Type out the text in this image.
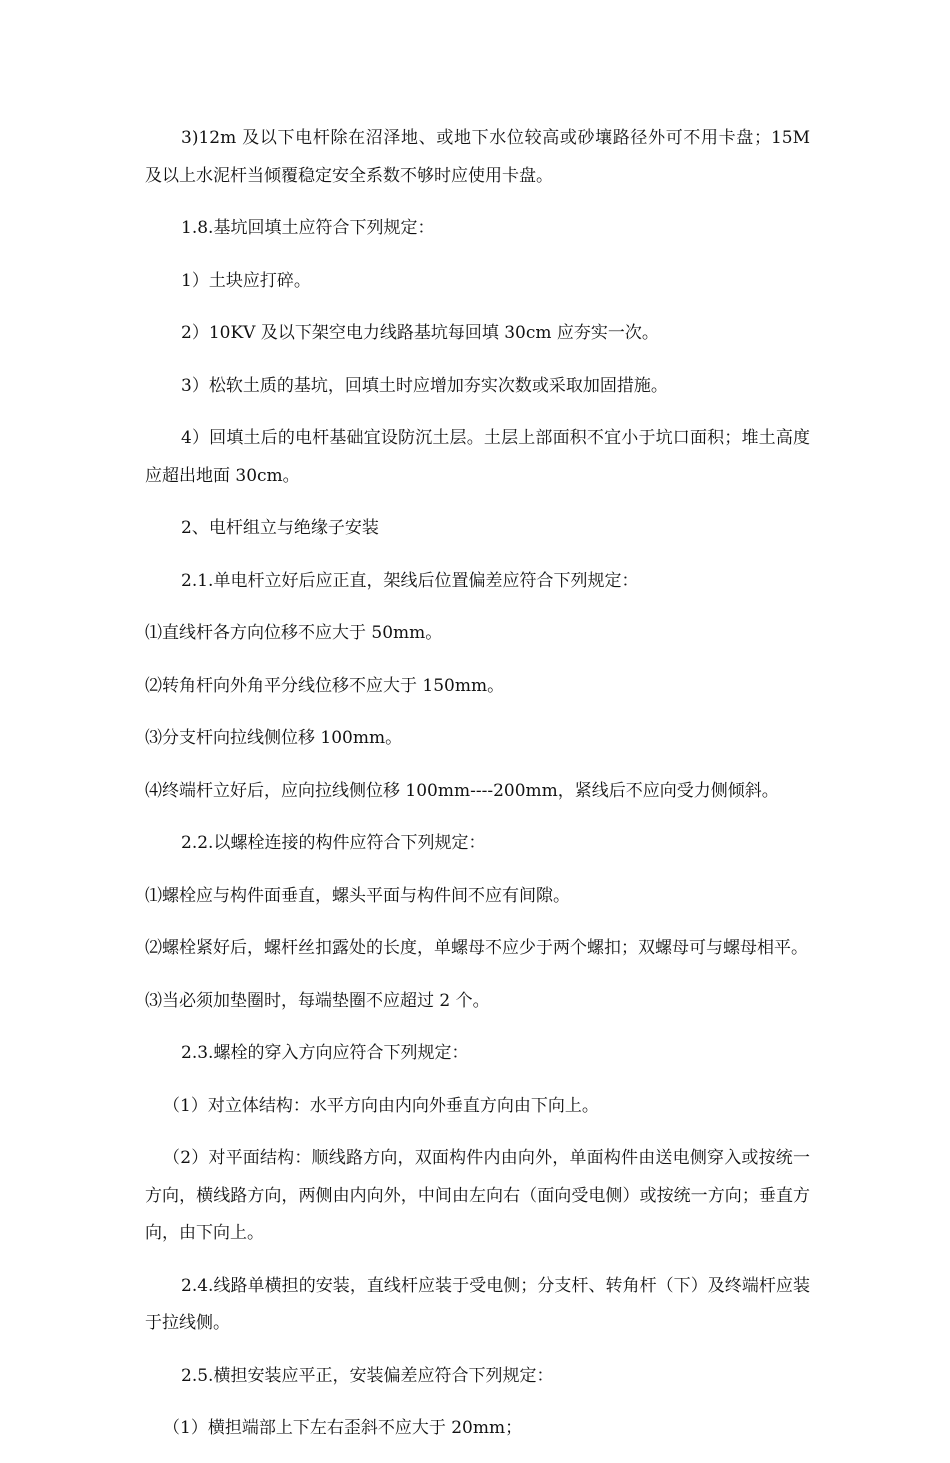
3)12m 及以下电杆除在沼泽地、或地下水位较高或砂壤路径外可不用卡盘；15M 及以上水泥杆当倾覆稳定安全系数不够时应使用卡盘。

1.8.基坑回填土应符合下列规定：

1）土块应打碎。

2）10KV 及以下架空电力线路基坑每回填 30cm 应夯实一次。

3）松软土质的基坑，回填土时应增加夯实次数或采取加固措施。

4）回填土后的电杆基础宜设防沉土层。土层上部面积不宜小于坑口面积；堆土高度应超出地面 30cm。

2、电杆组立与绝缘子安装

2.1.单电杆立好后应正直，架线后位置偏差应符合下列规定：

⑴直线杆各方向位移不应大于 50mm。

⑵转角杆向外角平分线位移不应大于 150mm。

⑶分支杆向拉线侧位移 100mm。

⑷终端杆立好后，应向拉线侧位移 100mm----200mm，紧线后不应向受力侧倾斜。

2.2.以螺栓连接的构件应符合下列规定：

⑴螺栓应与构件面垂直，螺头平面与构件间不应有间隙。

⑵螺栓紧好后，螺杆丝扣露处的长度，单螺母不应少于两个螺扣；双螺母可与螺母相平。

⑶当必须加垫圈时，每端垫圈不应超过 2 个。

2.3.螺栓的穿入方向应符合下列规定：

（1）对立体结构：水平方向由内向外垂直方向由下向上。

（2）对平面结构：顺线路方向，双面构件内由向外，单面构件由送电侧穿入或按统一方向，横线路方向，两侧由内向外，中间由左向右（面向受电侧）或按统一方向；垂直方向，由下向上。

2.4.线路单横担的安装，直线杆应装于受电侧；分支杆、转角杆（下）及终端杆应装于拉线侧。

2.5.横担安装应平正，安装偏差应符合下列规定：

（1）横担端部上下左右歪斜不应大于 20mm；
